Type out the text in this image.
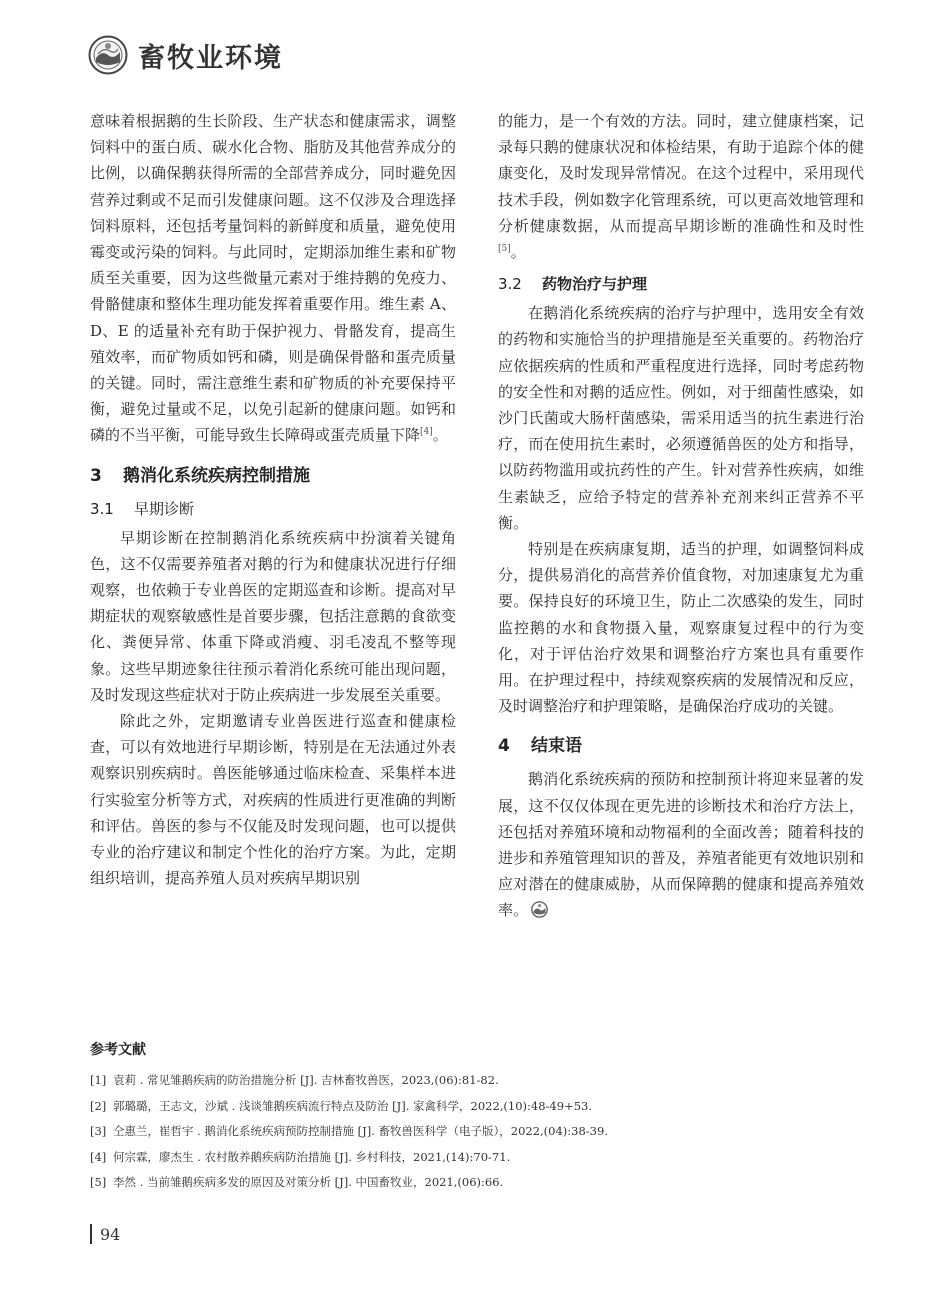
畜牧业环境

意味着根据鹅的生长阶段、生产状态和健康需求，调整饲料中的蛋白质、碳水化合物、脂肪及其他营养成分的比例，以确保鹅获得所需的全部营养成分，同时避免因营养过剩或不足而引发健康问题。这不仅涉及合理选择饲料原料，还包括考量饲料的新鲜度和质量，避免使用霉变或污染的饲料。与此同时，定期添加维生素和矿物质至关重要，因为这些微量元素对于维持鹅的免疫力、骨骼健康和整体生理功能发挥着重要作用。维生素 A、D、E 的适量补充有助于保护视力、骨骼发育，提高生殖效率，而矿物质如钙和磷，则是确保骨骼和蛋壳质量的关键。同时，需注意维生素和矿物质的补充要保持平衡，避免过量或不足，以免引起新的健康问题。如钙和磷的不当平衡，可能导致生长障碍或蛋壳质量下降[4]。

3 鹅消化系统疾病控制措施
3.1 早期诊断

早期诊断在控制鹅消化系统疾病中扮演着关键角色，这不仅需要养殖者对鹅的行为和健康状况进行仔细观察，也依赖于专业兽医的定期巡查和诊断。提高对早期症状的观察敏感性是首要步骤，包括注意鹅的食欲变化、粪便异常、体重下降或消瘦、羽毛凌乱不整等现象。这些早期迹象往往预示着消化系统可能出现问题，及时发现这些症状对于防止疾病进一步发展至关重要。

除此之外，定期邀请专业兽医进行巡查和健康检查，可以有效地进行早期诊断，特别是在无法通过外表观察识别疾病时。兽医能够通过临床检查、采集样本进行实验室分析等方式，对疾病的性质进行更准确的判断和评估。兽医的参与不仅能及时发现问题，也可以提供专业的治疗建议和制定个性化的治疗方案。为此，定期组织培训，提高养殖人员对疾病早期识别

的能力，是一个有效的方法。同时，建立健康档案，记录每只鹅的健康状况和体检结果，有助于追踪个体的健康变化，及时发现异常情况。在这个过程中，采用现代技术手段，例如数字化管理系统，可以更高效地管理和分析健康数据，从而提高早期诊断的准确性和及时性[5]。

3.2 药物治疗与护理

在鹅消化系统疾病的治疗与护理中，选用安全有效的药物和实施恰当的护理措施是至关重要的。药物治疗应依据疾病的性质和严重程度进行选择，同时考虑药物的安全性和对鹅的适应性。例如，对于细菌性感染，如沙门氏菌或大肠杆菌感染，需采用适当的抗生素进行治疗，而在使用抗生素时，必须遵循兽医的处方和指导，以防药物滥用或抗药性的产生。针对营养性疾病，如维生素缺乏，应给予特定的营养补充剂来纠正营养不平衡。

特别是在疾病康复期，适当的护理，如调整饲料成分，提供易消化的高营养价值食物，对加速康复尤为重要。保持良好的环境卫生，防止二次感染的发生，同时监控鹅的水和食物摄入量，观察康复过程中的行为变化，对于评估治疗效果和调整治疗方案也具有重要作用。在护理过程中，持续观察疾病的发展情况和反应，及时调整治疗和护理策略，是确保治疗成功的关键。

4 结束语

鹅消化系统疾病的预防和控制预计将迎来显著的发展，这不仅仅体现在更先进的诊断技术和治疗方法上，还包括对养殖环境和动物福利的全面改善；随着科技的进步和养殖管理知识的普及，养殖者能更有效地识别和应对潜在的健康威胁，从而保障鹅的健康和提高养殖效率。

参考文献
[1] 袁莉 . 常见雏鹅疾病的防治措施分析 [J]. 吉林畜牧兽医，2023,(06):81-82.
[2] 郭璐璐，王志文，沙斌 . 浅谈雏鹅疾病流行特点及防治 [J]. 家禽科学，2022,(10):48-49+53.
[3] 仝惠兰，崔哲宇 . 鹅消化系统疾病预防控制措施 [J]. 畜牧兽医科学（电子版），2022,(04):38-39.
[4] 何宗霖，廖杰生 . 农村散养鹅疾病防治措施 [J]. 乡村科技，2021,(14):70-71.
[5] 李然 . 当前雏鹅疾病多发的原因及对策分析 [J]. 中国畜牧业，2021,(06):66.
94
